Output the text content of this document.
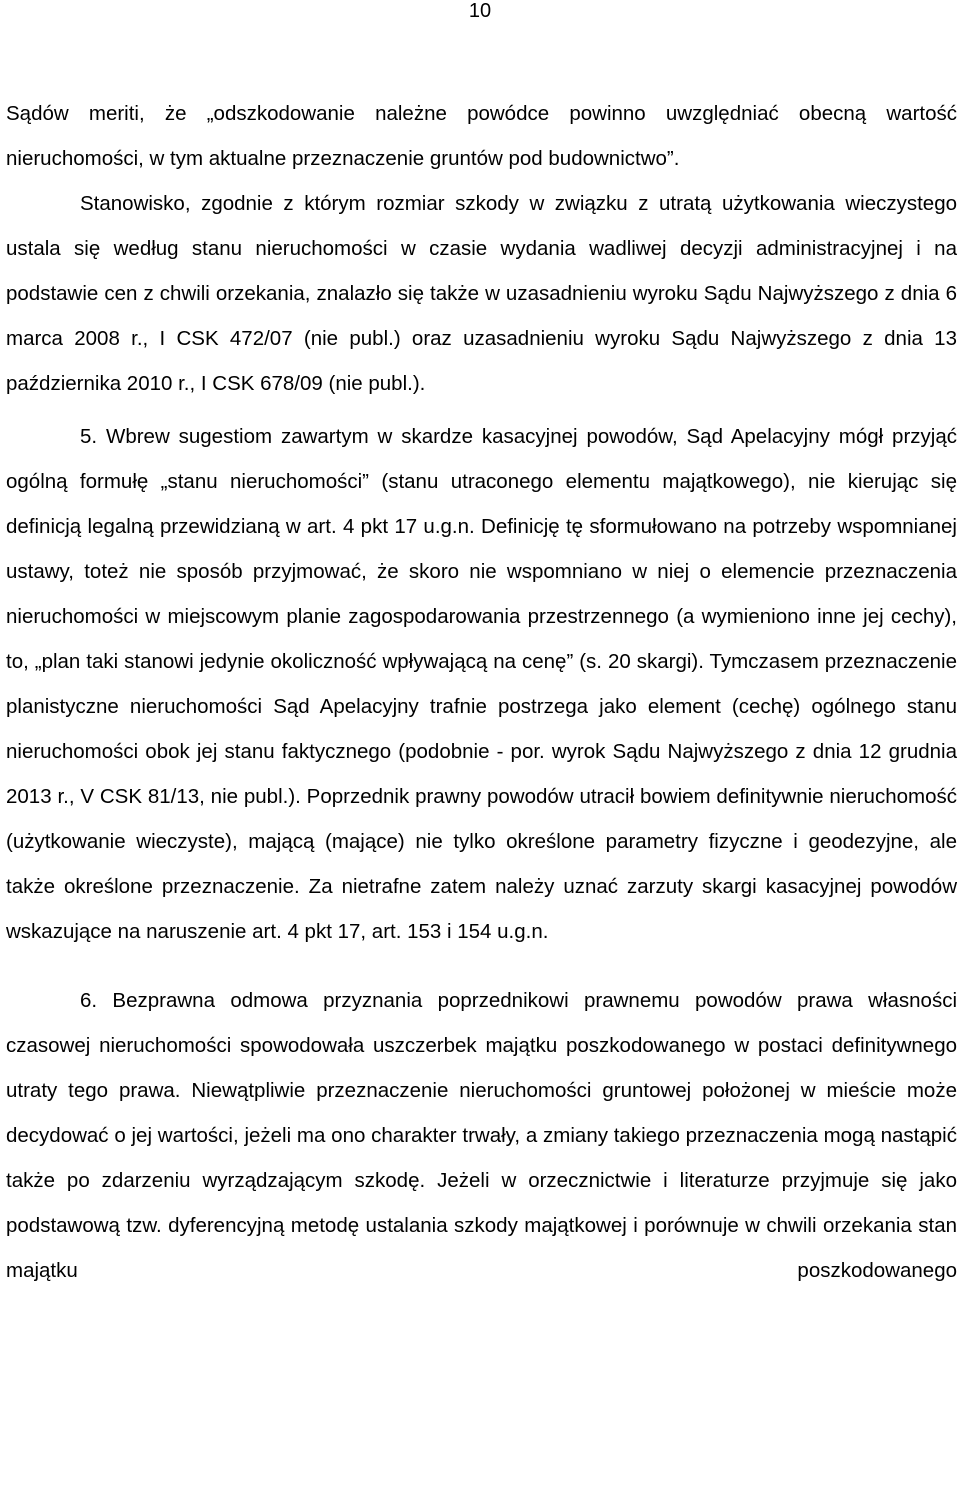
10

Sądów meriti, że „odszkodowanie należne powódce powinno uwzględniać obecną wartość nieruchomości, w tym aktualne przeznaczenie gruntów pod budownictwo”.

Stanowisko, zgodnie z którym rozmiar szkody w związku z utratą użytkowania wieczystego ustala się według stanu nieruchomości w czasie wydania wadliwej decyzji administracyjnej i na podstawie cen z chwili orzekania, znalazło się także w uzasadnieniu wyroku Sądu Najwyższego z dnia 6 marca 2008 r., I CSK 472/07 (nie publ.) oraz uzasadnieniu wyroku Sądu Najwyższego z dnia 13 października 2010 r., I CSK 678/09 (nie publ.).

5. Wbrew sugestiom zawartym w skardze kasacyjnej powodów, Sąd Apelacyjny mógł przyjąć ogólną formułę „stanu nieruchomości” (stanu utraconego elementu majątkowego), nie kierując się definicją legalną przewidzianą w art. 4 pkt 17 u.g.n. Definicję tę sformułowano na potrzeby wspomnianej ustawy, toteż nie sposób przyjmować, że skoro nie wspomniano w niej o elemencie przeznaczenia nieruchomości w miejscowym planie zagospodarowania przestrzennego (a wymieniono inne jej cechy), to, „plan taki stanowi jedynie okoliczność wpływającą na cenę” (s. 20 skargi). Tymczasem przeznaczenie planistyczne nieruchomości Sąd Apelacyjny trafnie postrzega jako element (cechę) ogólnego stanu nieruchomości obok jej stanu faktycznego (podobnie - por. wyrok Sądu Najwyższego z dnia 12 grudnia 2013 r., V CSK 81/13, nie publ.). Poprzednik prawny powodów utracił bowiem definitywnie nieruchomość (użytkowanie wieczyste), mającą (mające) nie tylko określone parametry fizyczne i geodezyjne, ale także określone przeznaczenie. Za nietrafne zatem należy uznać zarzuty skargi kasacyjnej powodów wskazujące na naruszenie art. 4 pkt 17, art. 153 i 154 u.g.n.

6. Bezprawna odmowa przyznania poprzednikowi prawnemu powodów prawa własności czasowej nieruchomości spowodowała uszczerbek majątku poszkodowanego w postaci definitywnego utraty tego prawa. Niewątpliwie przeznaczenie nieruchomości gruntowej położonej w mieście może decydować o jej wartości, jeżeli ma ono charakter trwały, a zmiany takiego przeznaczenia mogą nastąpić także po zdarzeniu wyrządzającym szkodę. Jeżeli w orzecznictwie i literaturze przyjmuje się jako podstawową tzw. dyferencyjną metodę ustalania szkody majątkowej i porównuje w chwili orzekania stan majątku poszkodowanego
